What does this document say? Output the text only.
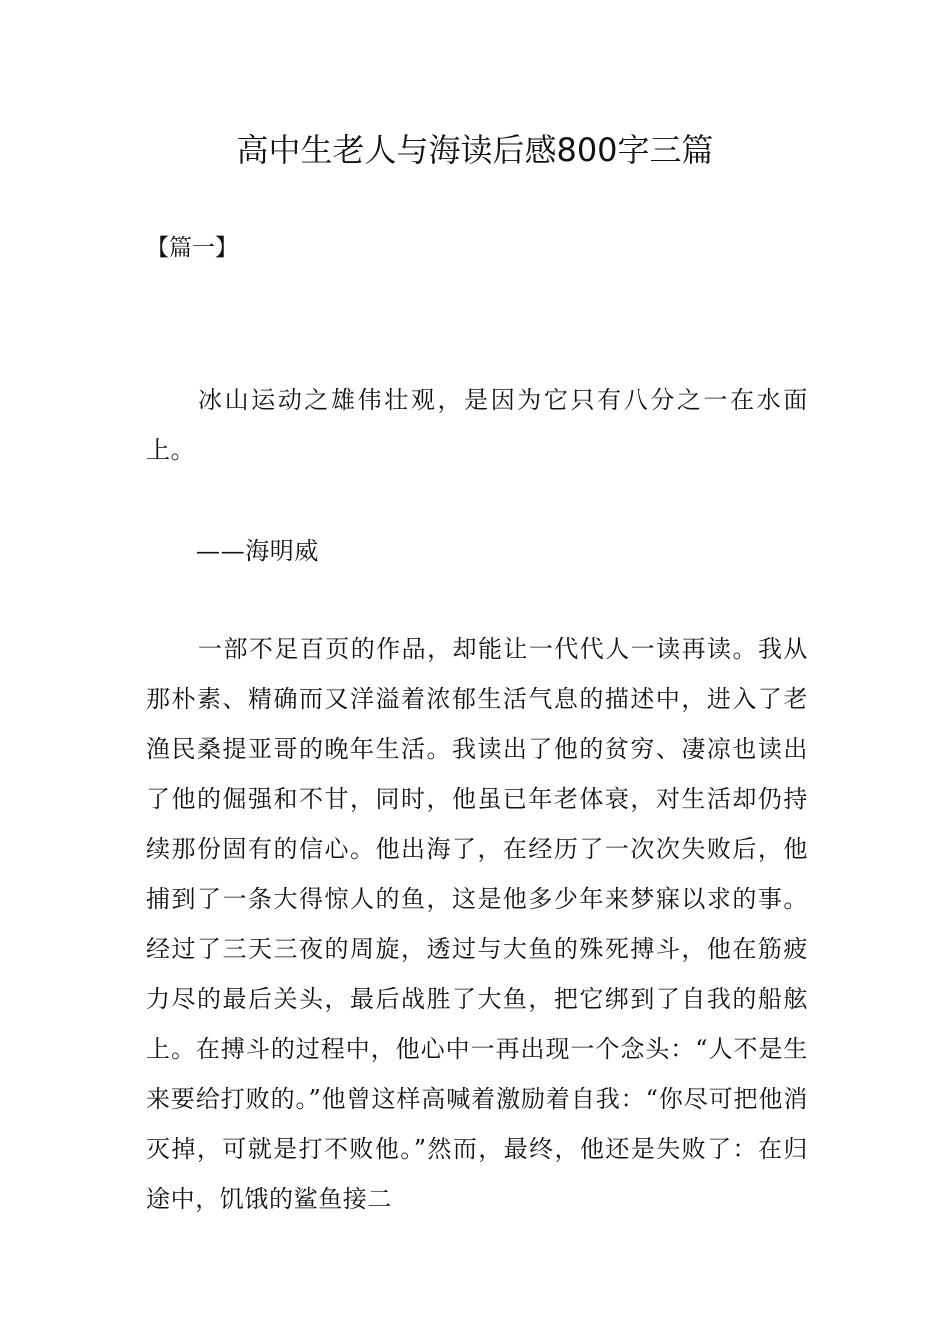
高中生老人与海读后感800字三篇

【篇一】

冰山运动之雄伟壮观，是因为它只有八分之一在水面上。

——海明威

一部不足百页的作品，却能让一代代人一读再读。我从那朴素、精确而又洋溢着浓郁生活气息的描述中，进入了老渔民桑提亚哥的晚年生活。我读出了他的贫穷、凄凉也读出了他的倔强和不甘，同时，他虽已年老体衰，对生活却仍持续那份固有的信心。他出海了，在经历了一次次失败后，他捕到了一条大得惊人的鱼，这是他多少年来梦寐以求的事。经过了三天三夜的周旋，透过与大鱼的殊死搏斗，他在筋疲力尽的最后关头，最后战胜了大鱼，把它绑到了自我的船舷上。在搏斗的过程中，他心中一再出现一个念头：“人不是生来要给打败的。”他曾这样高喊着激励着自我：“你尽可把他消灭掉，可就是打不败他。”然而，最终，他还是失败了：在归途中，饥饿的鲨鱼接二
